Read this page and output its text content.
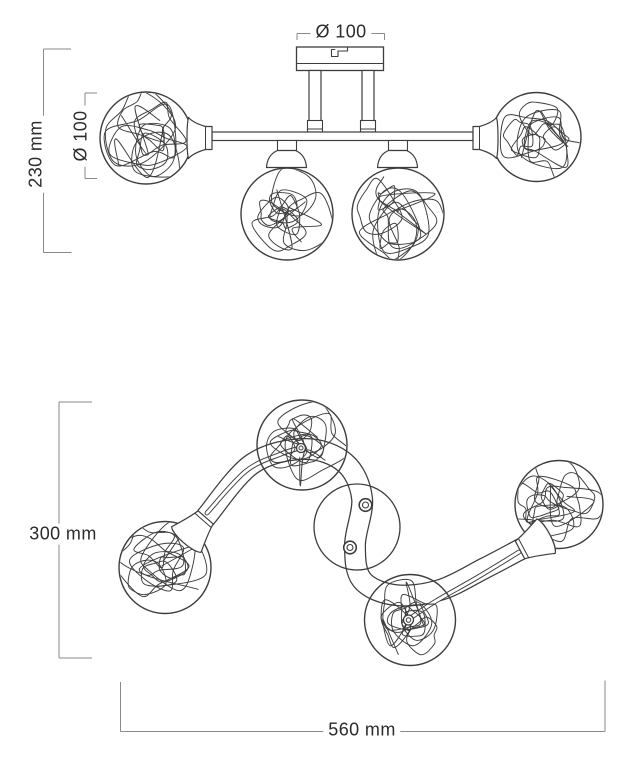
Ø 100
Ø 100
230 mm
300 mm
560 mm
